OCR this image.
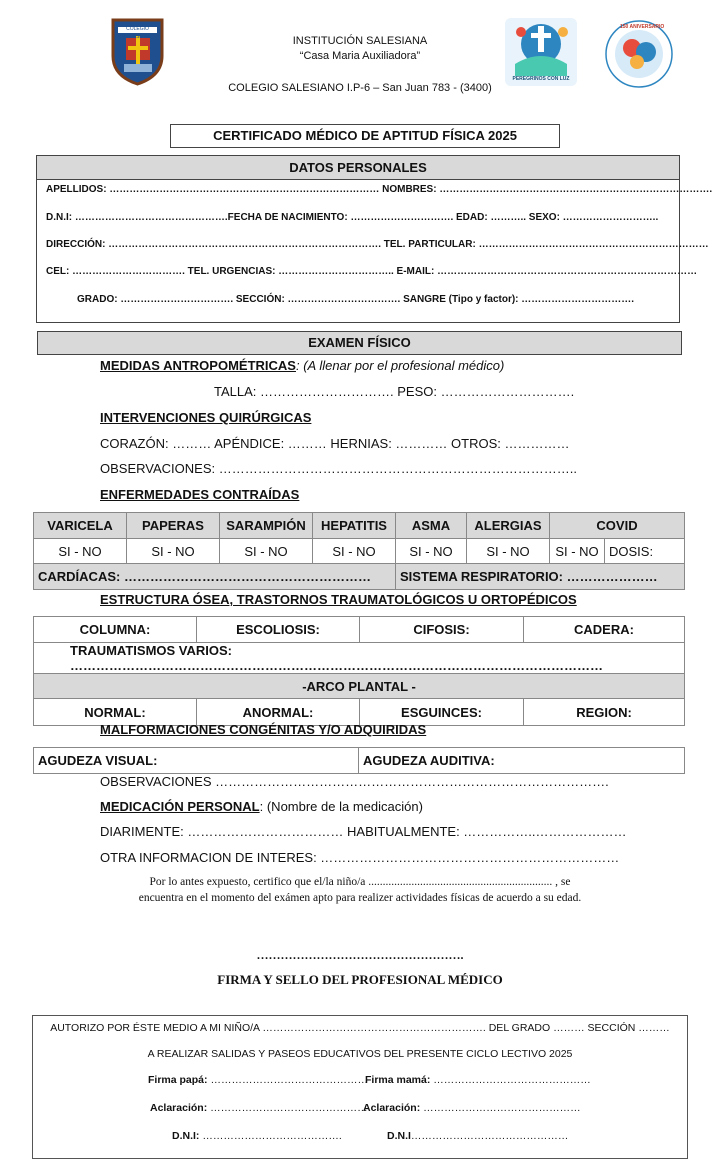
COLEGIO SALESIANO	INSTITUCIÓN SALESIANA
“Casa Maria Auxiliadora”
COLEGIO SALESIANO I.P-6 – San Juan 783 - (3400)
PEREGRINOS CON LUZ
150 ANIVERSARIO
CERTIFICADO MÉDICO DE APTITUD FÍSICA 2025
DATOS PERSONALES
APELLIDOS: ……………………………………………………………………… NOMBRES: ……………………………………………………………………….
D.N.I: ……………………………………….FECHA DE NACIMIENTO: …………………………. EDAD: ……….. SEXO: ………………………..
DIRECCIÓN: ………………………………………………………………………. TEL. PARTICULAR: ……………………………………………………………
CEL: ……………………………. TEL. URGENCIAS: …………………………….. E-MAIL: ……………………………………………………………………
GRADO: ……………………………. SECCIÓN: ……………………………. SANGRE (Tipo y factor): …………………………….
EXAMEN FÍSICO
MEDIDAS ANTROPOMÉTRICAS: (A llenar por el profesional médico)
TALLA: …………………………. PESO: ………………………….
INTERVENCIONES QUIRÚRGICAS
CORAZÓN: ……… APÉNDICE: ……… HERNIAS: ………… OTROS: ……………
OBSERVACIONES: ………………………………………………………………………..
ENFERMEDADES CONTRAÍDAS
VARICELA	PAPERAS	SARAMPIÓN	HEPATITIS	ASMA	ALERGIAS	COVID	
SI - NO	SI - NO	SI - NO	SI - NO	SI - NO	SI - NO	SI - NO	DOSIS:
CARDÍACAS: …………………………………………………				SISTEMA RESPIRATORIO: …………………			
ESTRUCTURA ÓSEA, TRASTORNOS TRAUMATOLÓGICOS U ORTOPÉDICOS
COLUMNA:	ESCOLIOSIS:	CIFOSIS:	CADERA:
TRAUMATISMOS VARIOS: ……………………………………………………………………………………………………………			
-ARCO PLANTAL -			
NORMAL:	ANORMAL:	ESGUINCES:	REGION:
MALFORMACIONES CONGÉNITAS Y/O ADQUIRIDAS
AGUDEZA VISUAL:	AGUDEZA AUDITIVA:
OBSERVACIONES ……………………………………………………………………………….
MEDICACIÓN PERSONAL: (Nombre de la medicación)
DIARIMENTE: ……………………………… HABITUALMENTE: ……………..…………………
OTRA INFORMACION DE INTERES: ……………………………………………………………
Por lo antes expuesto, certifico que el/la niño/a ................................................................ , se
encuentra en el momento del exámen apto para realizer actividades físicas de acuerdo a su edad.
…………………………………………….
FIRMA Y SELLO DEL PROFESIONAL MÉDICO
AUTORIZO POR ÉSTE MEDIO A MI NIÑO/A ………………………………………………………. DEL GRADO ……… SECCIÓN ………
A REALIZAR SALIDAS Y PASEOS EDUCATIVOS DEL PRESENTE CICLO LECTIVO 2025
Firma papá: ………………………………………
Firma mamá: ………………………………………
Aclaración: ………………………………………
Aclaración: ………………………………………
D.N.I: ………………………………….	D.N.I………………………………………
